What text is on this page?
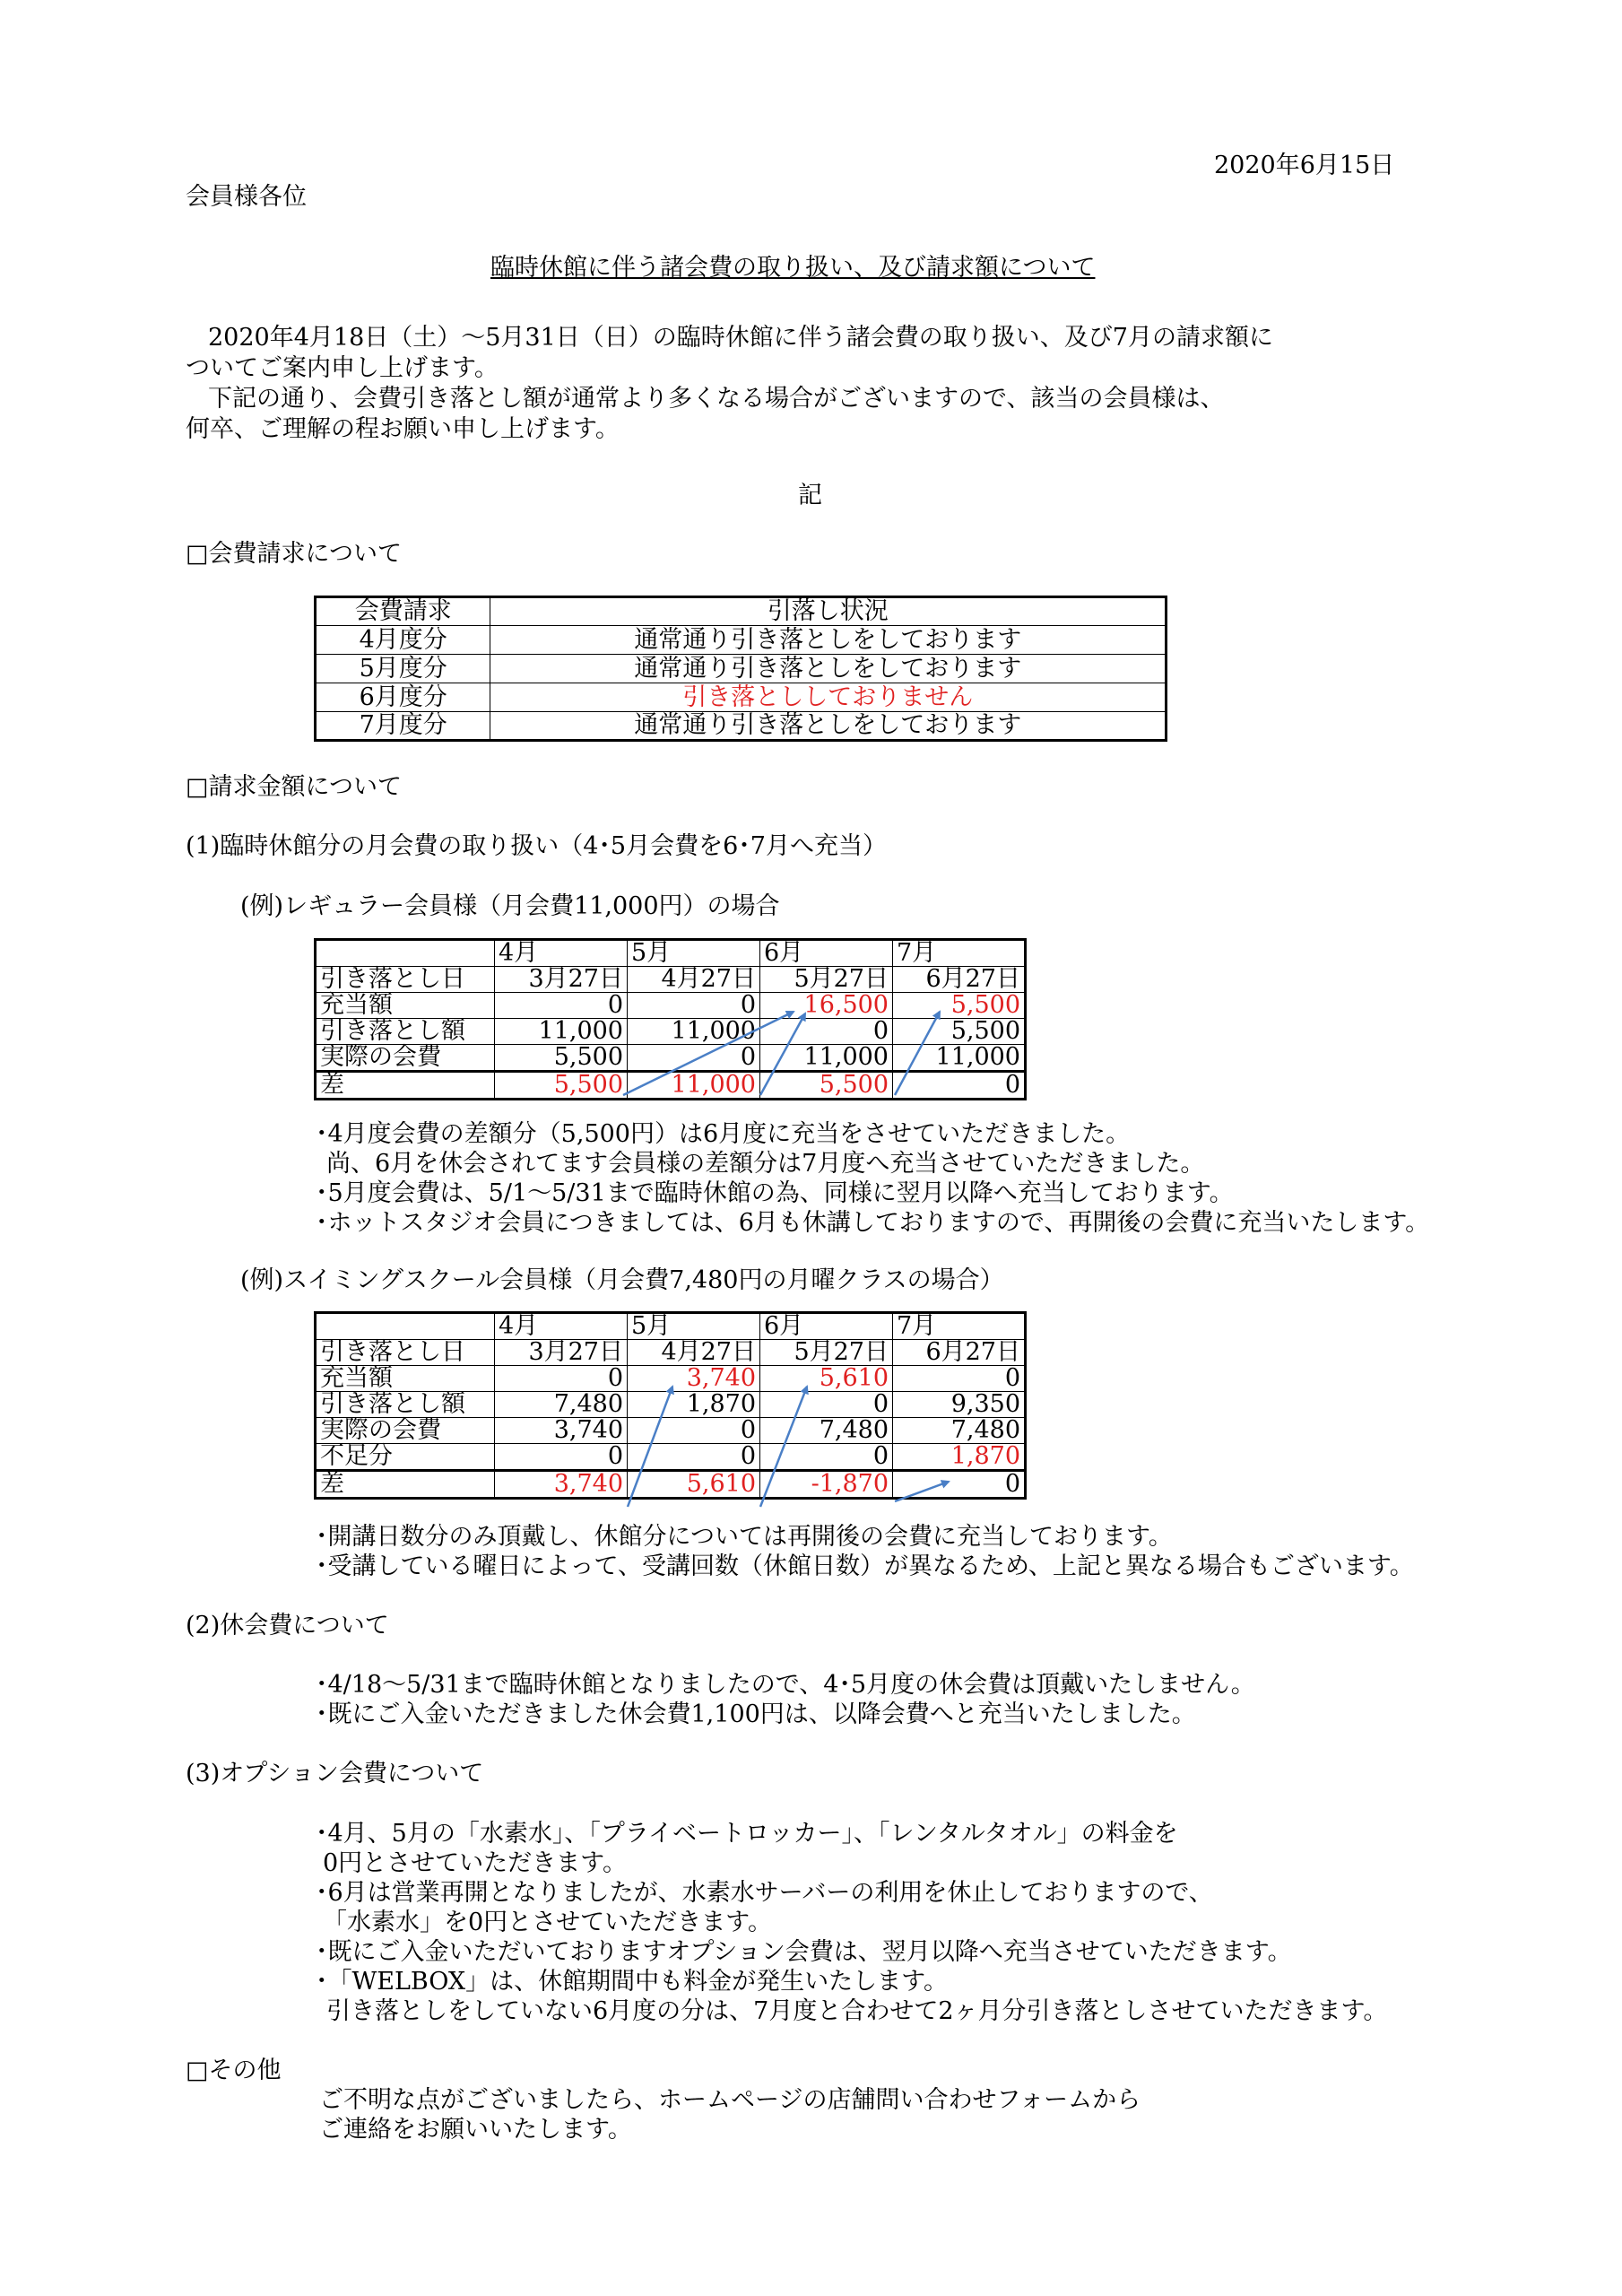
2020年6月15日
会員様各位
臨時休館に伴う諸会費の取り扱い、及び請求額について
2020年4月18日（土）～5月31日（日）の臨時休館に伴う諸会費の取り扱い、及び7月の請求額に
ついてご案内申し上げます。
下記の通り、会費引き落とし額が通常より多くなる場合がございますので、該当の会員様は、
何卒、ご理解の程お願い申し上げます。
記
□会費請求について
会費請求	引落し状況
4月度分	通常通り引き落としをしております
5月度分	通常通り引き落としをしております
6月度分	引き落とししておりません
7月度分	通常通り引き落としをしております
□請求金額について
(1)臨時休館分の月会費の取り扱い（4･5月会費を6･7月へ充当）
(例)レギュラー会員様（月会費11,000円）の場合
	4月	5月	6月	7月
引き落とし日	3月27日	4月27日	5月27日	6月27日
充当額	0	0	16,500	5,500
引き落とし額	11,000	11,000	0	5,500
実際の会費	5,500	0	11,000	11,000
差	5,500	11,000	5,500	0
･4月度会費の差額分（5,500円）は6月度に充当をさせていただきました。
尚、6月を休会されてます会員様の差額分は7月度へ充当させていただきました。
･5月度会費は、5/1～5/31まで臨時休館の為、同様に翌月以降へ充当しております。
･ホットスタジオ会員につきましては、6月も休講しておりますので、再開後の会費に充当いたします。
(例)スイミングスクール会員様（月会費7,480円の月曜クラスの場合）
	4月	5月	6月	7月
引き落とし日	3月27日	4月27日	5月27日	6月27日
充当額	0	3,740	5,610	0
引き落とし額	7,480	1,870	0	9,350
実際の会費	3,740	0	7,480	7,480
不足分	0	0	0	1,870
差	3,740	5,610	-1,870	0
･開講日数分のみ頂戴し、休館分については再開後の会費に充当しております。
･受講している曜日によって、受講回数（休館日数）が異なるため、上記と異なる場合もございます。
(2)休会費について
･4/18～5/31まで臨時休館となりましたので、4･5月度の休会費は頂戴いたしません。
･既にご入金いただきました休会費1,100円は、以降会費へと充当いたしました。
(3)オプション会費について
･4月、5月の「水素水」、「プライベートロッカー」、「レンタルタオル」の料金を
0円とさせていただきます。
･6月は営業再開となりましたが、水素水サーバーの利用を休止しておりますので、
「水素水」を0円とさせていただきます。
･既にご入金いただいておりますオプション会費は、翌月以降へ充当させていただきます。
･「WELBOX」は、休館期間中も料金が発生いたします。
引き落としをしていない6月度の分は、7月度と合わせて2ヶ月分引き落としさせていただきます。
□その他
ご不明な点がございましたら、ホームページの店舗問い合わせフォームから
ご連絡をお願いいたします。
